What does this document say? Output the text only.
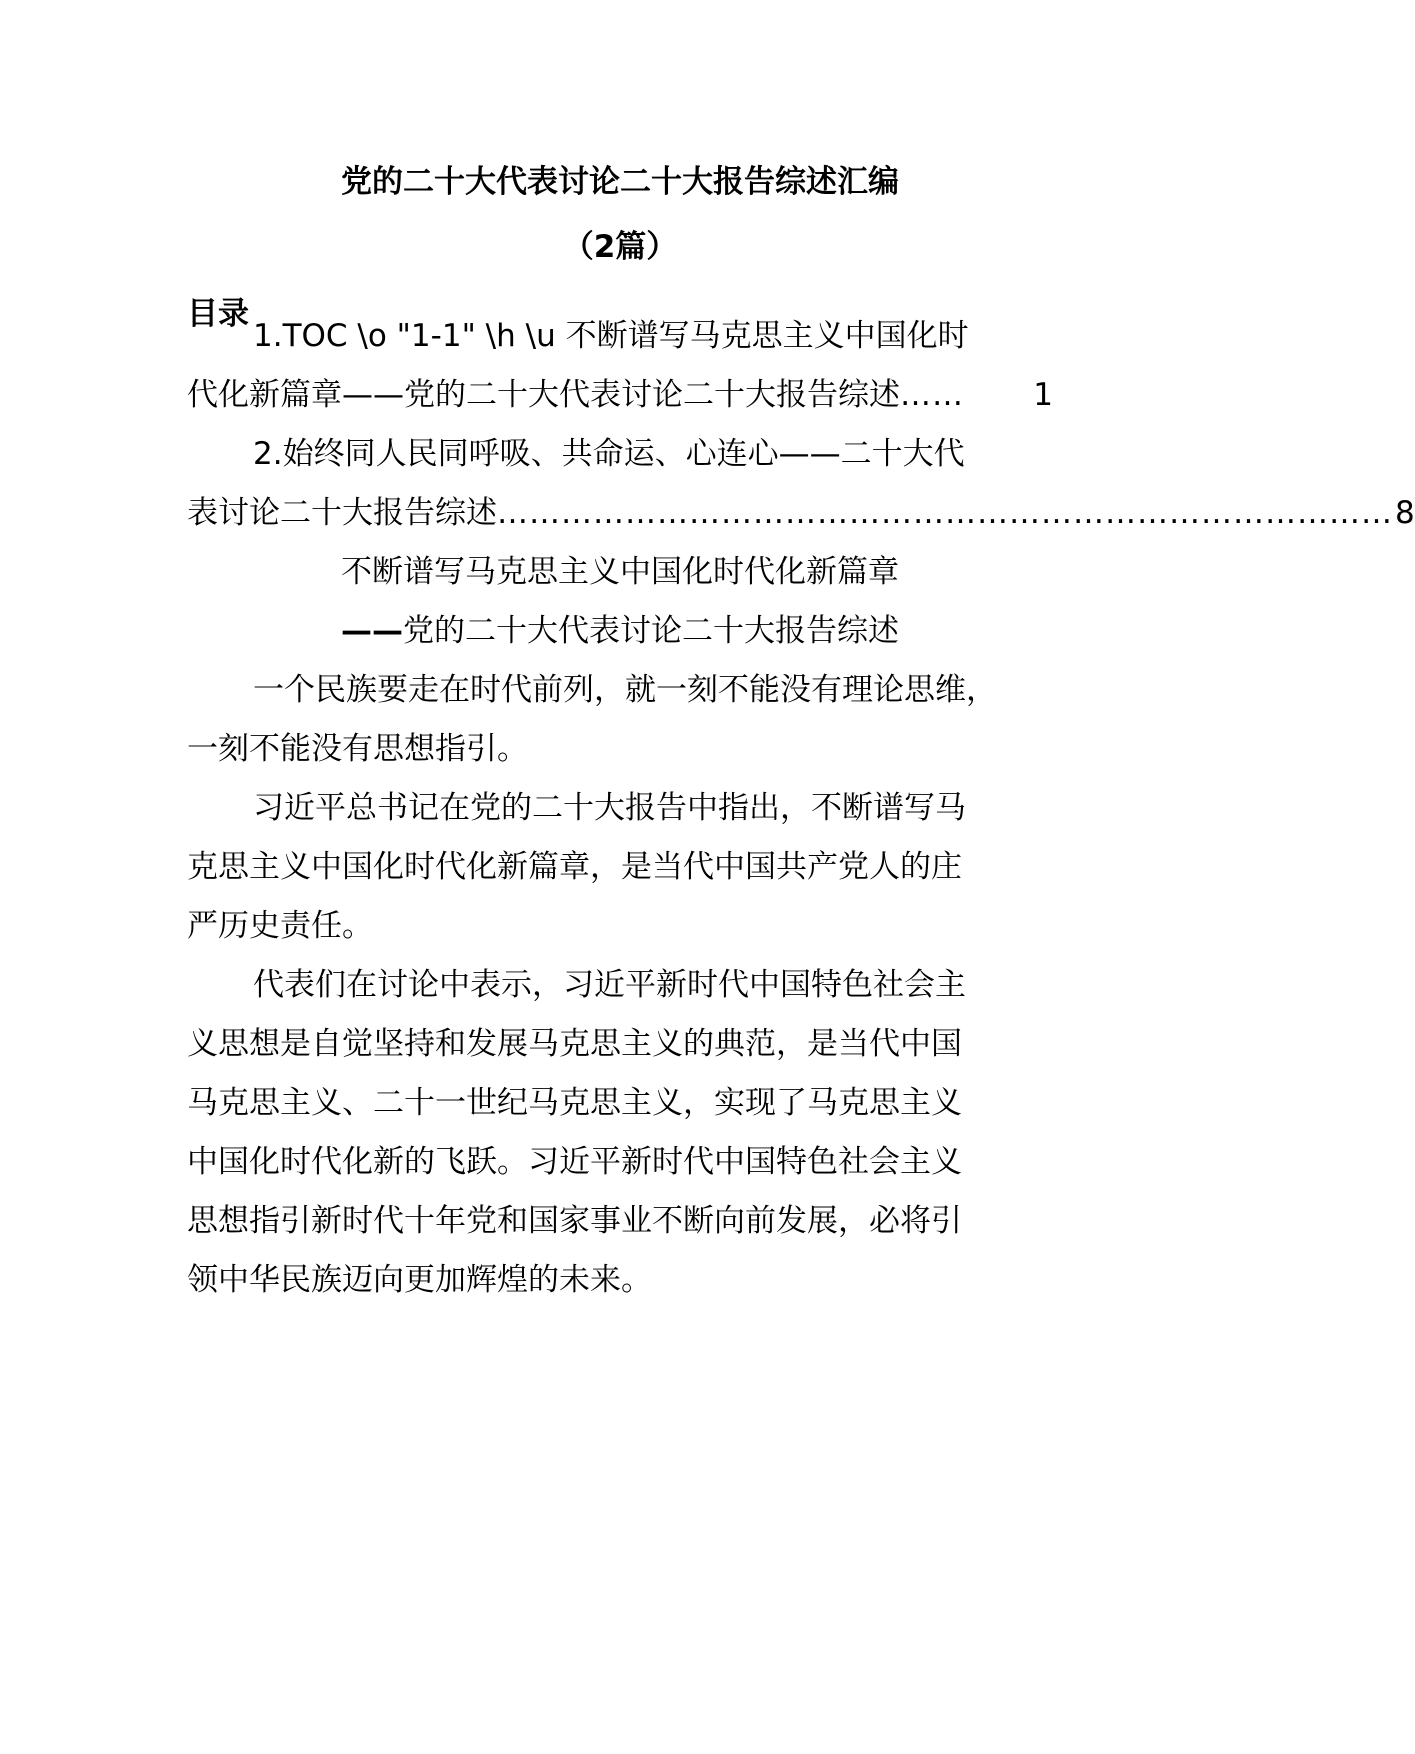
党的二十大代表讨论二十大报告综述汇编
（2篇）
目录
1.TOC \o "1-1" \h \u 不断谱写马克思主义中国化时
代化新篇章——党的二十大代表讨论二十大报告综述 ……	1
2.始终同人民同呼吸、共命运、心连心——二十大代
表讨论二十大报告综述 ………………………………………………………………………… 8
不断谱写马克思主义中国化时代化新篇章
——党的二十大代表讨论二十大报告综述
一个民族要走在时代前列，就一刻不能没有理论思维，
一刻不能没有思想指引。
习近平总书记在党的二十大报告中指出，不断谱写马
克思主义中国化时代化新篇章，是当代中国共产党人的庄
严历史责任。
代表们在讨论中表示，习近平新时代中国特色社会主
义思想是自觉坚持和发展马克思主义的典范，是当代中国
马克思主义、二十一世纪马克思主义，实现了马克思主义
中国化时代化新的飞跃。习近平新时代中国特色社会主义
思想指引新时代十年党和国家事业不断向前发展，必将引
领中华民族迈向更加辉煌的未来。
